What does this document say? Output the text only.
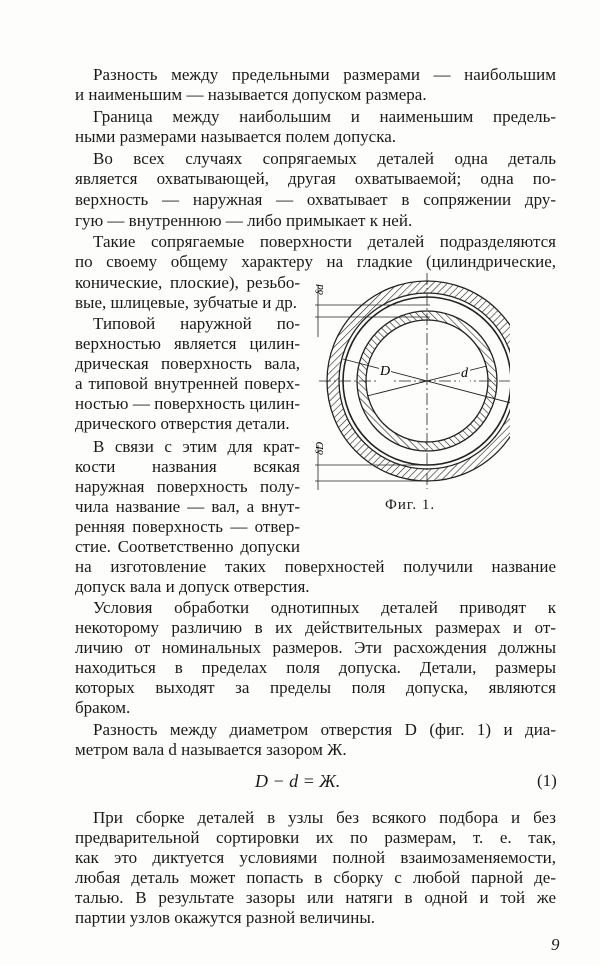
Разность между предельными размерами — наибольшим
и наименьшим — называется допуском размера.
Граница между наибольшим и наименьшим предель-
ными размерами называется полем допуска.
Во всех случаях сопрягаемых деталей одна деталь
является охватывающей, другая охватываемой; одна по-
верхность — наружная — охватывает в сопряжении дру-
гую — внутреннюю — либо примыкает к ней.
Такие сопрягаемые поверхности деталей подразделяются
по своему общему характеру на гладкие (цилиндрические,
конические, плоские), резьбо-
вые, шлицевые, зубчатые и др.
Типовой наружной по-
верхностью является цилин-
дрическая поверхность вала,
а типовой внутренней поверх-
ностью — поверхность цилин-
дрического отверстия детали.
В связи с этим для крат-
кости названия всякая
наружная поверхность полу-
чила название — вал, а внут-
ренняя поверхность — отвер-
стие. Соответственно допуски
на изготовление таких поверхностей получили название
допуск вала и допуск отверстия.
Условия обработки однотипных деталей приводят к
некоторому различию в их действительных размерах и от-
личию от номинальных размеров. Эти расхождения должны
находиться в пределах поля допуска. Детали, размеры
которых выходят за пределы поля допуска, являются
браком.
Разность между диаметром отверстия D (фиг. 1) и диа-
метром вала d называется зазором Ж.
При сборке деталей в узлы без всякого подбора и без
предварительной сортировки их по размерам, т. е. так,
как это диктуется условиями полной взаимозаменяемости,
любая деталь может попасть в сборку с любой парной де-
талью. В результате зазоры или натяги в одной и той же
партии узлов окажутся разной величины.
D − d = Ж.	(1)
D	d
δd
δD
Фиг. 1.
9
